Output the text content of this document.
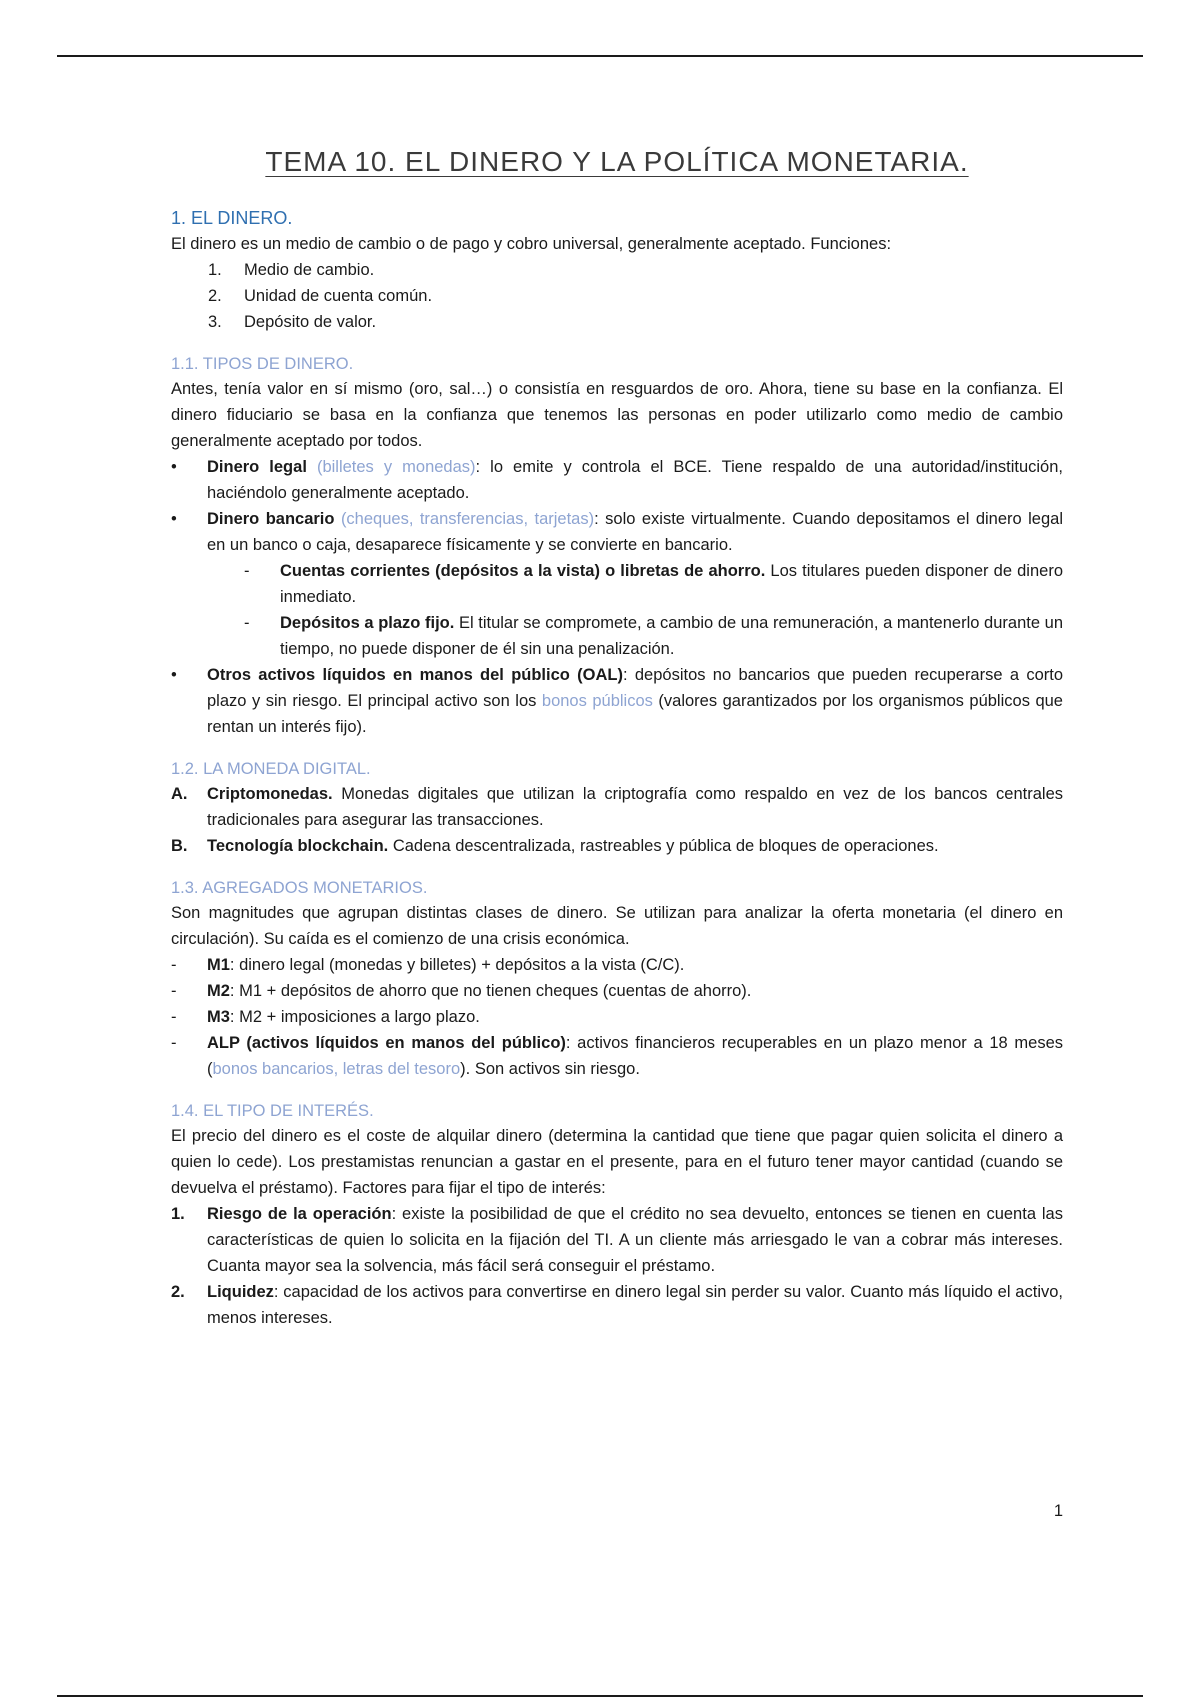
TEMA 10. EL DINERO Y LA POLÍTICA MONETARIA.
1. EL DINERO.

El dinero es un medio de cambio o de pago y cobro universal, generalmente aceptado. Funciones:

1. Medio de cambio.
2. Unidad de cuenta común.
3. Depósito de valor.
1.1. TIPOS DE DINERO.

Antes, tenía valor en sí mismo (oro, sal…) o consistía en resguardos de oro. Ahora, tiene su base en la confianza. El dinero fiduciario se basa en la confianza que tenemos las personas en poder utilizarlo como medio de cambio generalmente aceptado por todos.

• Dinero legal (billetes y monedas): lo emite y controla el BCE. Tiene respaldo de una autoridad/institución, haciéndolo generalmente aceptado.
• Dinero bancario (cheques, transferencias, tarjetas): solo existe virtualmente. Cuando depositamos el dinero legal en un banco o caja, desaparece físicamente y se convierte en bancario.
- Cuentas corrientes (depósitos a la vista) o libretas de ahorro. Los titulares pueden disponer de dinero inmediato.
- Depósitos a plazo fijo. El titular se compromete, a cambio de una remuneración, a mantenerlo durante un tiempo, no puede disponer de él sin una penalización.
• Otros activos líquidos en manos del público (OAL): depósitos no bancarios que pueden recuperarse a corto plazo y sin riesgo. El principal activo son los bonos públicos (valores garantizados por los organismos públicos que rentan un interés fijo).
1.2. LA MONEDA DIGITAL.
A. Criptomonedas. Monedas digitales que utilizan la criptografía como respaldo en vez de los bancos centrales tradicionales para asegurar las transacciones.
B. Tecnología blockchain. Cadena descentralizada, rastreables y pública de bloques de operaciones.
1.3. AGREGADOS MONETARIOS.

Son magnitudes que agrupan distintas clases de dinero. Se utilizan para analizar la oferta monetaria (el dinero en circulación). Su caída es el comienzo de una crisis económica.

- M1: dinero legal (monedas y billetes) + depósitos a la vista (C/C).
- M2: M1 + depósitos de ahorro que no tienen cheques (cuentas de ahorro).
- M3: M2 + imposiciones a largo plazo.
- ALP (activos líquidos en manos del público): activos financieros recuperables en un plazo menor a 18 meses (bonos bancarios, letras del tesoro). Son activos sin riesgo.
1.4. EL TIPO DE INTERÉS.

El precio del dinero es el coste de alquilar dinero (determina la cantidad que tiene que pagar quien solicita el dinero a quien lo cede). Los prestamistas renuncian a gastar en el presente, para en el futuro tener mayor cantidad (cuando se devuelva el préstamo). Factores para fijar el tipo de interés:

1. Riesgo de la operación: existe la posibilidad de que el crédito no sea devuelto, entonces se tienen en cuenta las características de quien lo solicita en la fijación del TI. A un cliente más arriesgado le van a cobrar más intereses. Cuanta mayor sea la solvencia, más fácil será conseguir el préstamo.
2. Liquidez: capacidad de los activos para convertirse en dinero legal sin perder su valor. Cuanto más líquido el activo, menos intereses.
1
